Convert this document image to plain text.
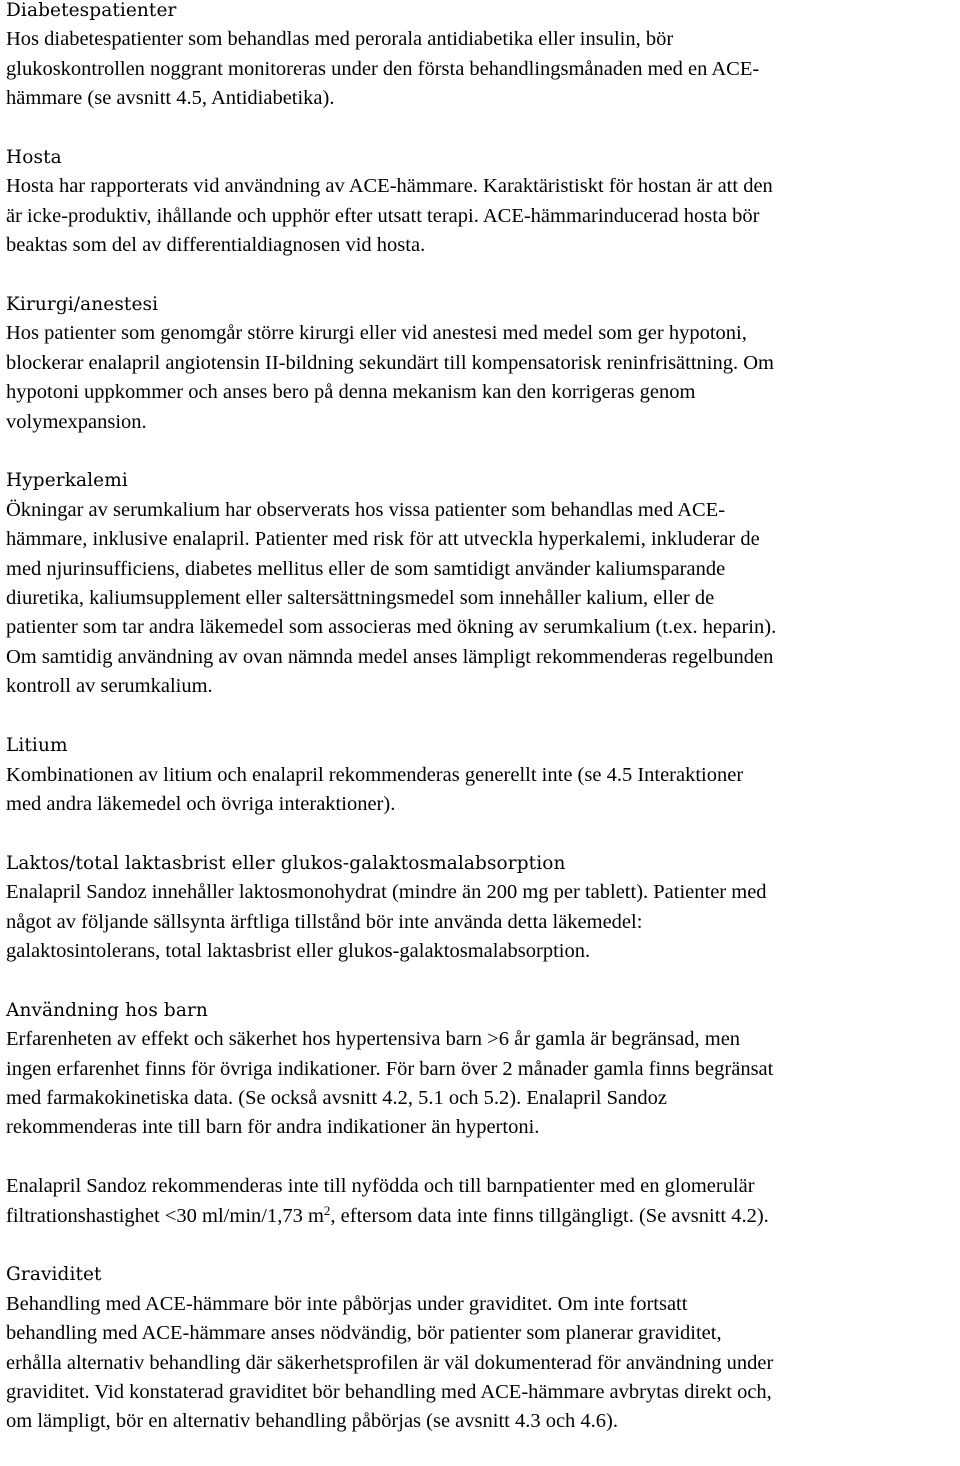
Diabetespatienter

Hos diabetespatienter som behandlas med perorala antidiabetika eller insulin, bör

glukoskontrollen noggrant monitoreras under den första behandlingsmånaden med en ACE-

hämmare (se avsnitt 4.5, Antidiabetika).

Hosta

Hosta har rapporterats vid användning av ACE-hämmare. Karaktäristiskt för hostan är att den

är icke-produktiv, ihållande och upphör efter utsatt terapi. ACE-hämmarinducerad hosta bör

beaktas som del av differentialdiagnosen vid hosta.

Kirurgi/anestesi

Hos patienter som genomgår större kirurgi eller vid anestesi med medel som ger hypotoni,

blockerar enalapril angiotensin II-bildning sekundärt till kompensatorisk reninfrisättning. Om

hypotoni uppkommer och anses bero på denna mekanism kan den korrigeras genom

volymexpansion.

Hyperkalemi

Ökningar av serumkalium har observerats hos vissa patienter som behandlas med ACE-

hämmare, inklusive enalapril. Patienter med risk för att utveckla hyperkalemi, inkluderar de

med njurinsufficiens, diabetes mellitus eller de som samtidigt använder kaliumsparande

diuretika, kaliumsupplement eller saltersättningsmedel som innehåller kalium, eller de

patienter som tar andra läkemedel som associeras med ökning av serumkalium (t.ex. heparin).

Om samtidig användning av ovan nämnda medel anses lämpligt rekommenderas regelbunden

kontroll av serumkalium.

Litium

Kombinationen av litium och enalapril rekommenderas generellt inte (se 4.5 Interaktioner

med andra läkemedel och övriga interaktioner).

Laktos/total laktasbrist eller glukos-galaktosmalabsorption

Enalapril Sandoz innehåller laktosmonohydrat (mindre än 200 mg per tablett). Patienter med

något av följande sällsynta ärftliga tillstånd bör inte använda detta läkemedel:

galaktosintolerans, total laktasbrist eller glukos-galaktosmalabsorption.

Användning hos barn

Erfarenheten av effekt och säkerhet hos hypertensiva barn >6 år gamla är begränsad, men

ingen erfarenhet finns för övriga indikationer. För barn över 2 månader gamla finns begränsat

med farmakokinetiska data. (Se också avsnitt 4.2, 5.1 och 5.2). Enalapril Sandoz

rekommenderas inte till barn för andra indikationer än hypertoni.

Enalapril Sandoz rekommenderas inte till nyfödda och till barnpatienter med en glomerulär

filtrationshastighet <30 ml/min/1,73 $m^2$, eftersom data inte finns tillgängligt. (Se avsnitt 4.2).

Graviditet

Behandling med ACE-hämmare bör inte påbörjas under graviditet. Om inte fortsatt

behandling med ACE-hämmare anses nödvändig, bör patienter som planerar graviditet,

erhålla alternativ behandling där säkerhetsprofilen är väl dokumenterad för användning under

graviditet. Vid konstaterad graviditet bör behandling med ACE-hämmare avbrytas direkt och,

om lämpligt, bör en alternativ behandling påbörjas (se avsnitt 4.3 och 4.6).
